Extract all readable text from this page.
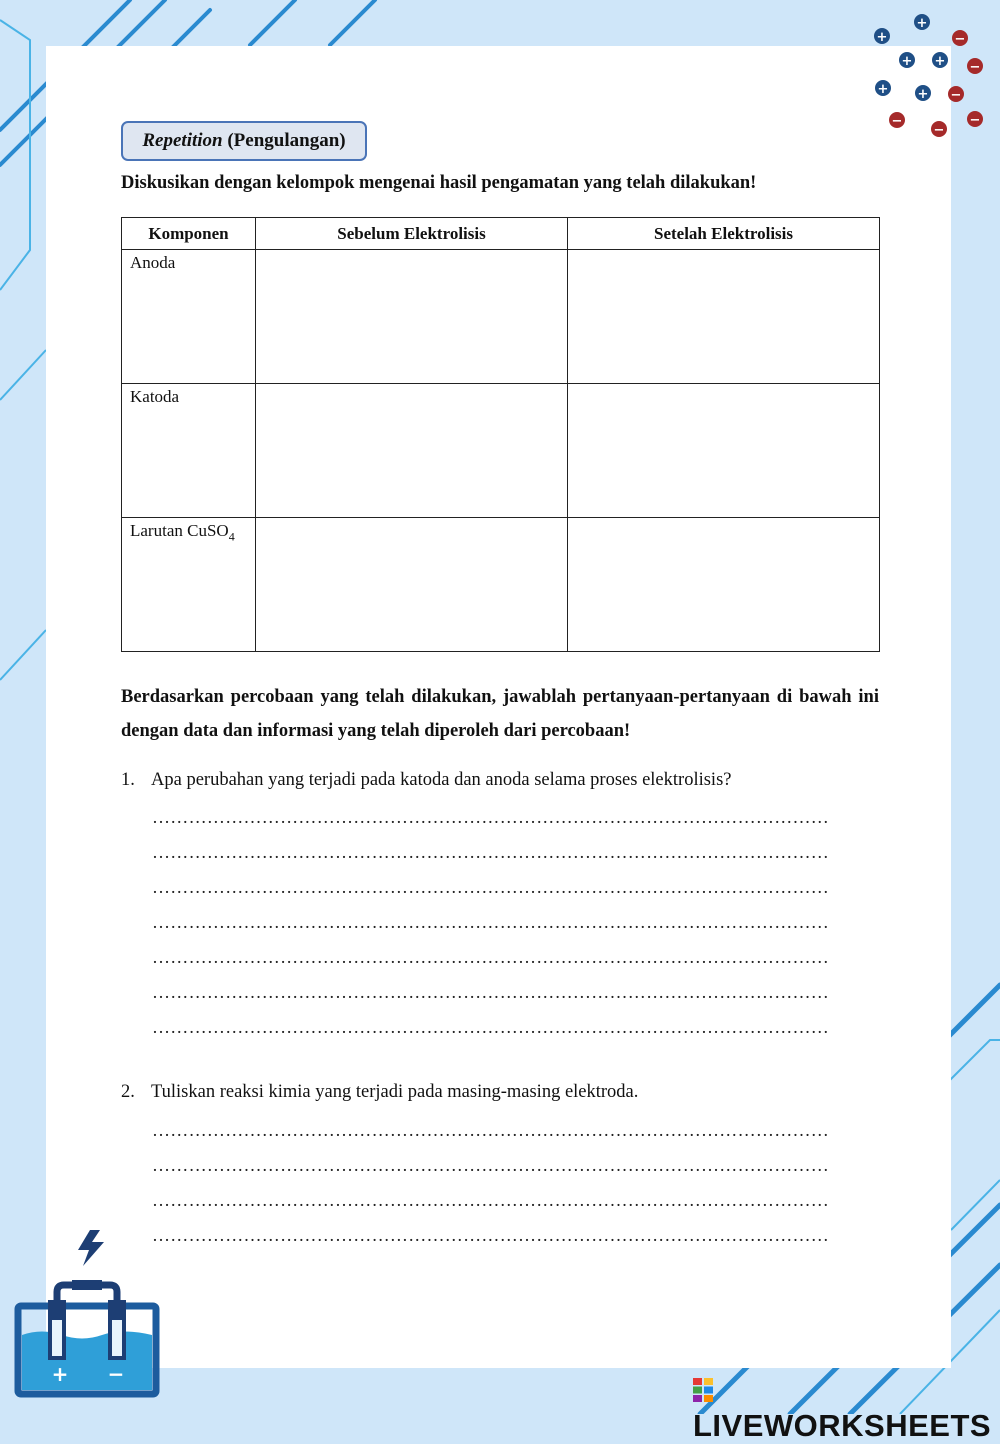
+
+
+ +
+ +
−
−
−
−
−
−
Repetition (Pengulangan)
Diskusikan dengan kelompok mengenai hasil pengamatan yang telah dilakukan!
Komponen	Sebelum Elektrolisis	Setelah Elektrolisis
Anoda		
Katoda		
Larutan CuSO$_4$		
Berdasarkan percobaan yang telah dilakukan, jawablah pertanyaan-pertanyaan di bawah ini dengan data dan informasi yang telah diperoleh dari percobaan!
1. Apa perubahan yang terjadi pada katoda dan anoda selama proses elektrolisis?
…………………………………………………………………………………………………
…………………………………………………………………………………………………
…………………………………………………………………………………………………
…………………………………………………………………………………………………
…………………………………………………………………………………………………
…………………………………………………………………………………………………
…………………………………………………………………………………………………
2. Tuliskan reaksi kimia yang terjadi pada masing-masing elektroda.
…………………………………………………………………………………………………
…………………………………………………………………………………………………
…………………………………………………………………………………………………
…………………………………………………………………………………………………
+ −
LIVEWORKSHEETS
